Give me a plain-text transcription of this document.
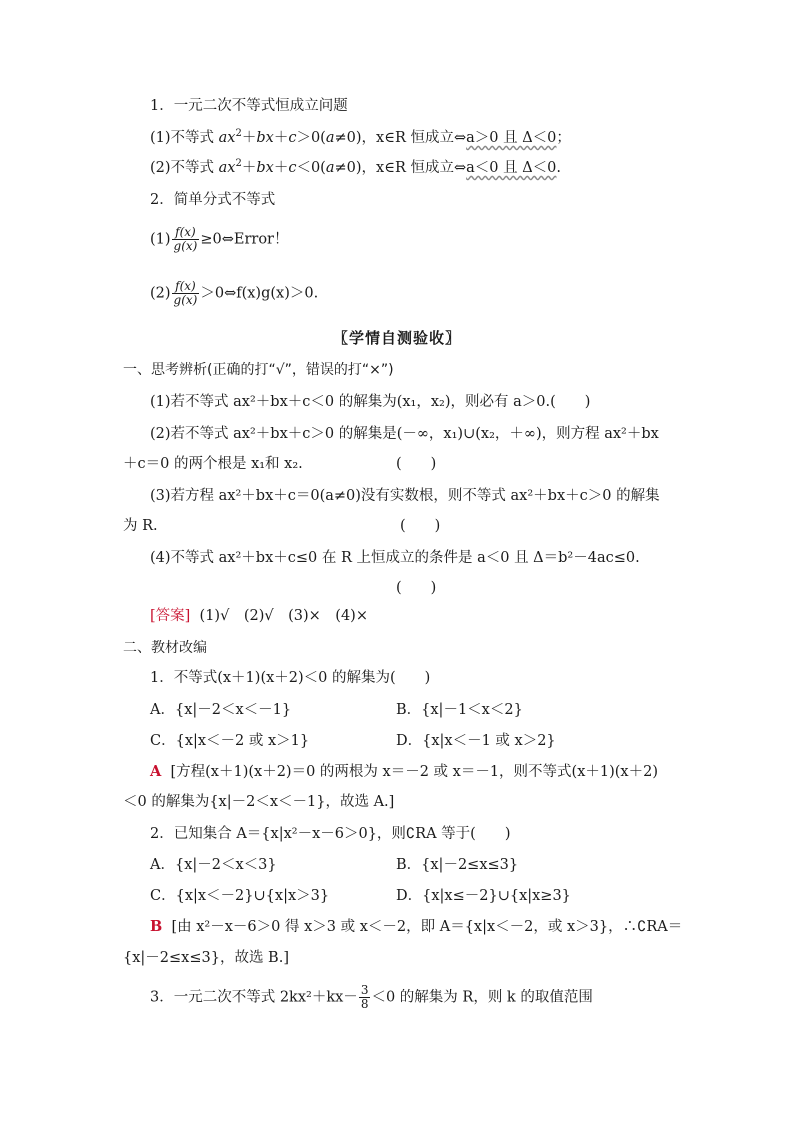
1．一元二次不等式恒成立问题
(1)不等式 $ax^2+bx+c>0(a\ne 0)$，x∈R 恒成立⇔a＞0 且 Δ＜0；
(2)不等式 $ax^2+bx+c<0(a\ne 0)$，x∈R 恒成立⇔a＜0 且 Δ＜0.
2．简单分式不等式
$(1) \frac{f(x)}{g(x)}$ ≥0⇔Error！
$(2) \frac{f(x)}{g(x)}$ ＞0⇔f(x)g(x)＞0.
〖学情自测验收〗
一、思考辨析(正确的打“√”，错误的打“×”)
(1)若不等式 ax²＋bx＋c＜0 的解集为(x₁，x₂)，则必有 a＞0.(　　)
(2)若不等式 ax²＋bx＋c＞0 的解集是(－∞，x₁)∪(x₂，＋∞)，则方程 ax²＋bx
＋c＝0 的两个根是 x₁和 x₂.	(　　)
(3)若方程 ax²＋bx＋c＝0(a≠0)没有实数根，则不等式 ax²＋bx＋c＞0 的解集
为 R.	(　　)
(4)不等式 ax²＋bx＋c≤0 在 R 上恒成立的条件是 a＜0 且 Δ＝b²－4ac≤0.
(　　)
[答案] (1)√　(2)√　(3)×　(4)×
二、教材改编
1．不等式(x＋1)(x＋2)＜0 的解集为(　　)
A．{x|－2＜x＜－1}	B．{x|－1＜x＜2}
C．{x|x＜－2 或 x＞1}	D．{x|x＜－1 或 x＞2}
A [方程(x＋1)(x＋2)＝0 的两根为 x＝－2 或 x＝－1，则不等式(x＋1)(x＋2)
＜0 的解集为{x|－2＜x＜－1}，故选 A.]
2．已知集合 A＝{x|x²－x－6＞0}，则∁RA 等于(　　)
A．{x|－2＜x＜3}	B．{x|－2≤x≤3}
C．{x|x＜－2}∪{x|x＞3}	D．{x|x≤－2}∪{x|x≥3}
B [由 x²－x－6＞0 得 x＞3 或 x＜－2，即 A＝{x|x＜－2，或 x＞3}，∴∁RA＝
{x|－2≤x≤3}，故选 B.]
3．一元二次不等式 $2kx^2+kx- \frac{3}{8} <0$ 的解集为 R，则 k 的取值范围
